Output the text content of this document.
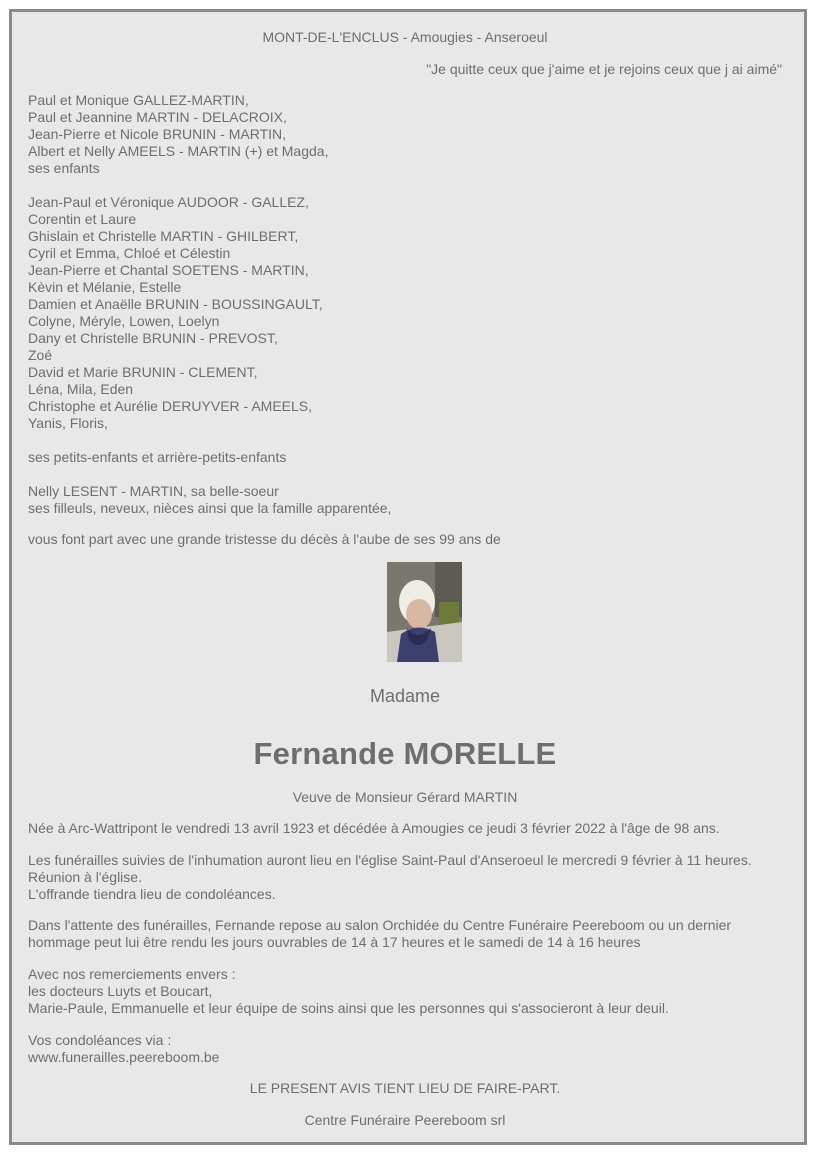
MONT-DE-L'ENCLUS - Amougies - Anseroeul

"Je quitte ceux que j'aime et je rejoins ceux que j ai aimé"

Paul et Monique GALLEZ-MARTIN,
Paul et Jeannine MARTIN - DELACROIX,
Jean-Pierre et Nicole BRUNIN - MARTIN,
Albert et Nelly AMEELS - MARTIN (+) et Magda,
ses enfants

Jean-Paul et Véronique AUDOOR - GALLEZ,
Corentin et Laure
Ghislain et Christelle MARTIN - GHILBERT,
Cyril et Emma, Chloé et Célestin
Jean-Pierre et Chantal SOETENS - MARTIN,
Kèvin et Mélanie, Estelle
Damien et Anaëlle BRUNIN - BOUSSINGAULT,
Colyne, Méryle, Lowen, Loelyn
Dany et Christelle BRUNIN - PREVOST,
Zoé
David et Marie BRUNIN - CLEMENT,
Léna, Mila, Eden
Christophe et Aurélie DERUYVER - AMEELS,
Yanis, Floris,

ses petits-enfants et arrière-petits-enfants

Nelly LESENT - MARTIN, sa belle-soeur
ses filleuls, neveux, nièces ainsi que la famille apparentée,

vous font part avec une grande tristesse du décès à l'aube de ses 99 ans de

Madame

Fernande MORELLE

Veuve de Monsieur Gérard MARTIN

Née à Arc-Wattripont le vendredi 13 avril 1923 et décédée à Amougies ce jeudi 3 février 2022 à l'âge de 98 ans.

Les funérailles suivies de l'inhumation auront lieu en l'église Saint-Paul d'Anseroeul le mercredi 9 février à 11 heures.
Réunion à l'église.
L'offrande tiendra lieu de condoléances.

Dans l'attente des funérailles, Fernande repose au salon Orchidée du Centre Funéraire Peereboom ou un dernier
hommage peut lui être rendu les jours ouvrables de 14 à 17 heures et le samedi de 14 à 16 heures

Avec nos remerciements envers :
les docteurs Luyts et Boucart,
Marie-Paule, Emmanuelle et leur équipe de soins ainsi que les personnes qui s'associeront à leur deuil.

Vos condoléances via :
www.funerailles.peereboom.be

LE PRESENT AVIS TIENT LIEU DE FAIRE-PART.

Centre Funéraire Peereboom srl
